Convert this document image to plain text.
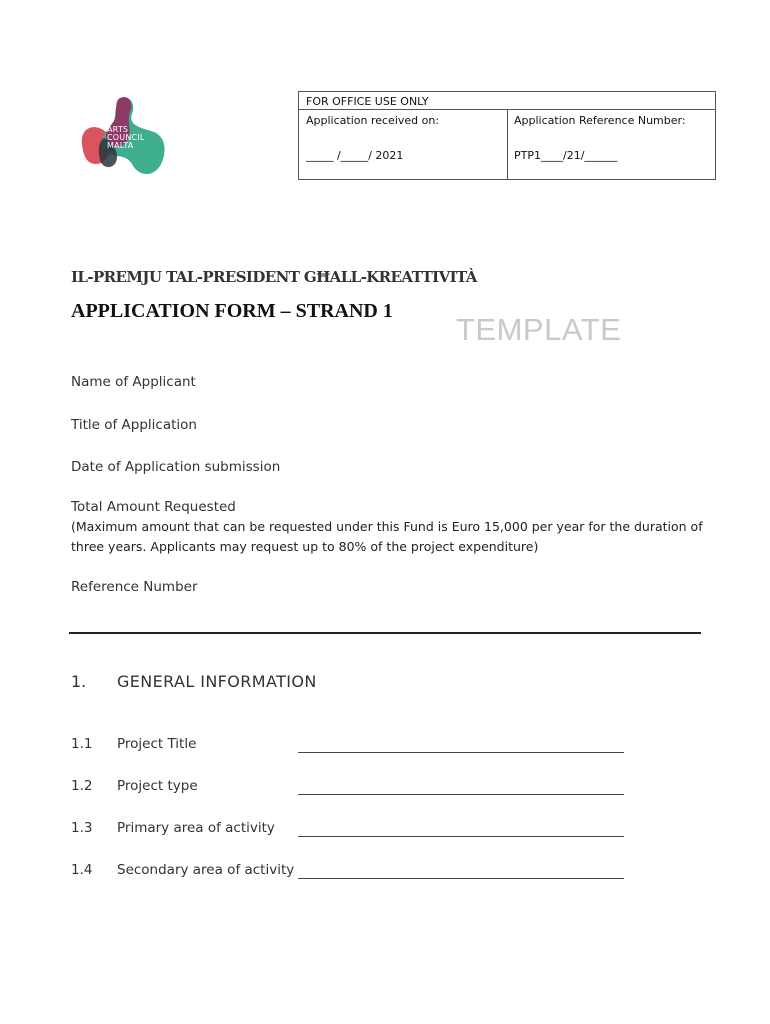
ARTS
COUNCIL
MALTA
FOR OFFICE USE ONLY
Application received on:	Application Reference Number:
_____ /_____/ 2021	PTP1____/21/______
IL-PREMJU TAL-PRESIDENT GĦALL-KREATTIVITÀ
APPLICATION FORM – STRAND 1
TEMPLATE
Name of Applicant
Title of Application
Date of Application submission
Total Amount Requested
(Maximum amount that can be requested under this Fund is Euro 15,000 per year for the duration of three years. Applicants may request up to 80% of the project expenditure)
Reference Number
1. GENERAL INFORMATION
1.1 Project Title
1.2 Project type
1.3 Primary area of activity
1.4 Secondary area of activity
